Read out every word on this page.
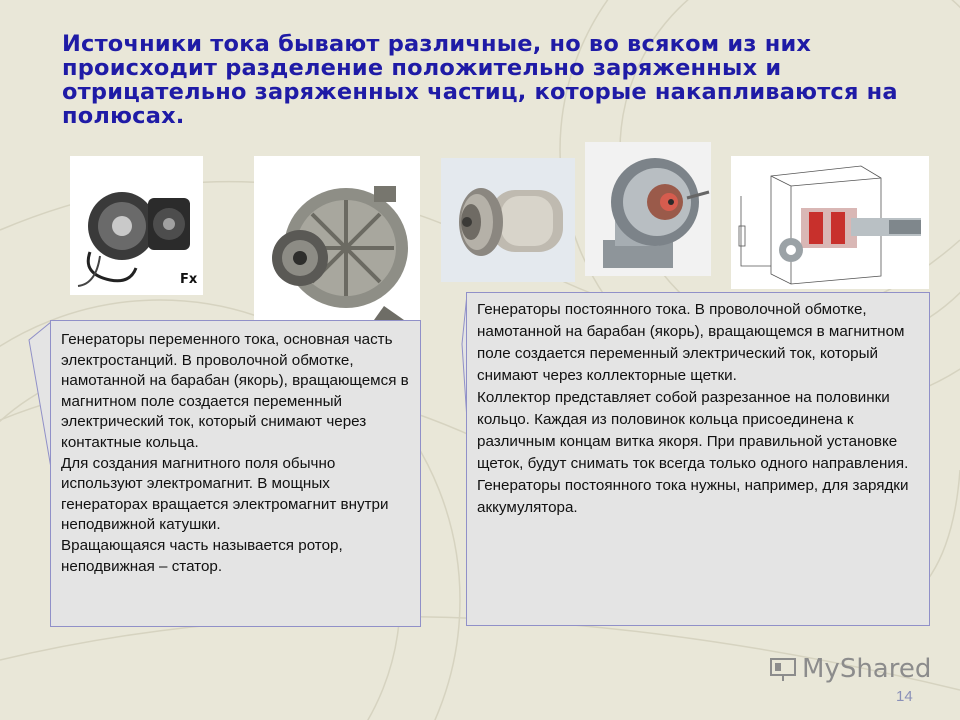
Источники тока бывают различные, но во всяком из них происходит разделение положительно заряженных и отрицательно заряженных частиц, которые накапливаются на полюсах.
Fx

Генераторы переменного тока, основная часть электростанций. В проволочной обмотке, намотанной на барабан (якорь), вращающемся в магнитном поле создается переменный электрический ток, который снимают через контактные кольца.

Для создания магнитного поля обычно используют электромагнит. В мощных генераторах вращается электромагнит внутри неподвижной катушки.

Вращающаяся часть называется ротор, неподвижная – статор.

Генераторы постоянного тока. В проволочной обмотке, намотанной на барабан (якорь), вращающемся в магнитном поле создается переменный электрический ток, который снимают через коллекторные щетки.

Коллектор представляет собой разрезанное на половинки кольцо. Каждая из половинок кольца присоединена к различным концам витка якоря. При правильной установке щеток, будут снимать ток всегда только одного направления.

Генераторы постоянного тока нужны, например, для зарядки аккумулятора.

MyShared
14
